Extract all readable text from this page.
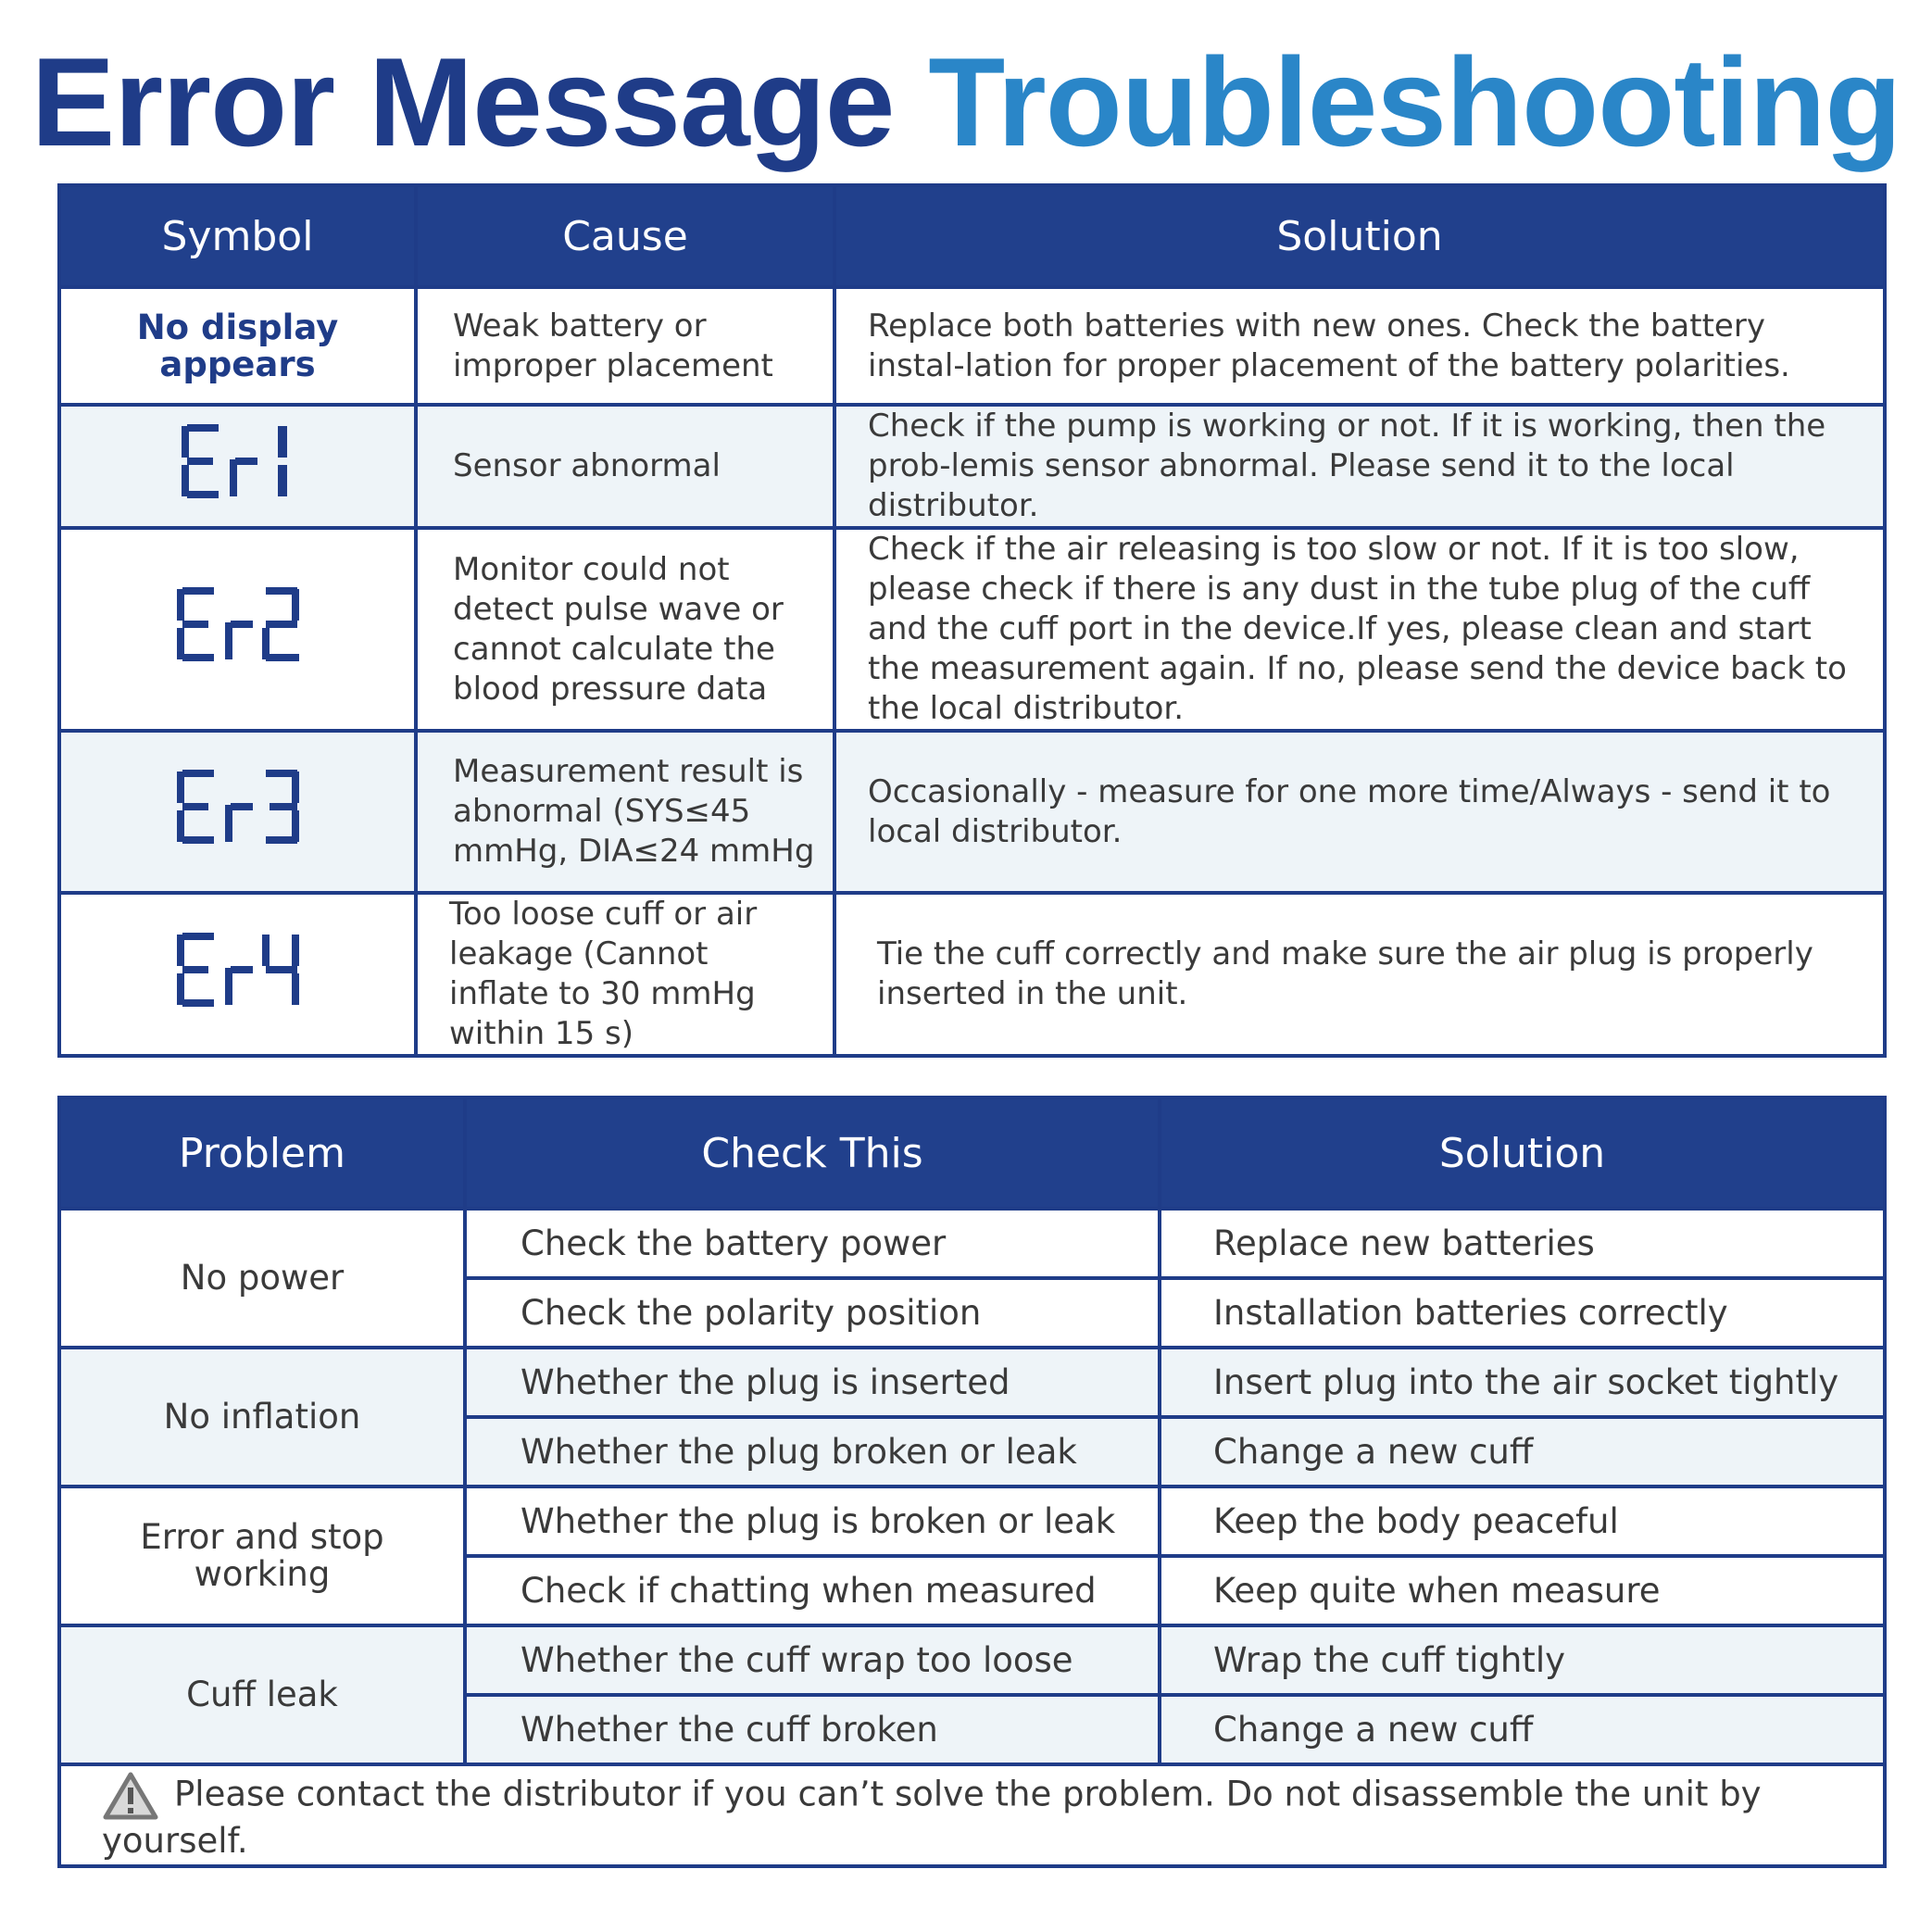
Error Message Troubleshooting
Symbol	Cause	Solution

No display appears	Weak battery or improper placement	Replace both batteries with new ones. Check the battery instal-lation for proper placement of the battery polarities.
	Sensor abnormal	Check if the pump is working or not. If it is working, then the prob-lemis sensor abnormal. Please send it to the local distributor.
	Monitor could not detect pulse wave or cannot calculate the blood pressure data	Check if the air releasing is too slow or not. If it is too slow, please check if there is any dust in the tube plug of the cuff and the cuff port in the device.If yes, please clean and start the measurement again. If no, please send the device back to the local distributor.
	Measurement result is abnormal (SYS≤45 mmHg, DIA≤24 mmHg	Occasionally - measure for one more time/Always - send it to local distributor.
	Too loose cuff or air leakage (Cannot inflate to 30 mmHg within 15 s)	Tie the cuff correctly and make sure the air plug is properly inserted in the unit.
Problem	Check This	Solution
No power	Check the battery power	Replace new batteries
	Check the polarity position	Installation batteries correctly
No inflation	Whether the plug is inserted	Insert plug into the air socket tightly
	Whether the plug broken or leak	Change a new cuff

Error and stop working	Whether the plug is broken or leak	Keep the body peaceful
	Check if chatting when measured	Keep quite when measure
Cuff leak	Whether the cuff wrap too loose	Wrap the cuff tightly
	Whether the cuff broken	Change a new cuff
Please contact the distributor if you can’t solve the problem. Do not disassemble the unit by yourself.		
